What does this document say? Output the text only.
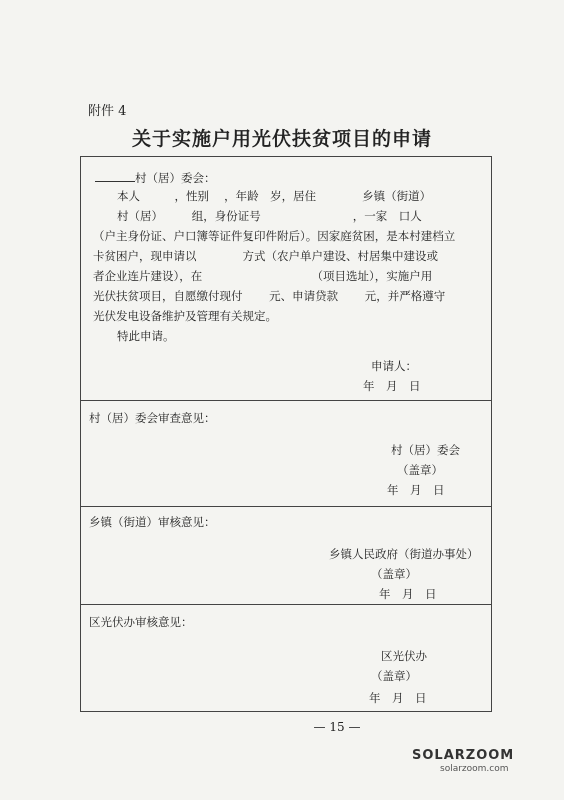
附件 4
关于实施户用光伏扶贫项目的申请
村（居）委会：
本人　　　，性别　 ，年龄　岁，居住　　　　乡镇（街道）
村（居）　　　组，身份证号　　　　　　　　，一家　口人
（户主身份证、户口簿等证件复印件附后）。因家庭贫困，是本村建档立
卡贫困户，现申请以　　　　方式（农户单户建设、村居集中建设或
者企业连片建设），在　　　　　　　　　　（项目选址），实施户用
光伏扶贫项目，自愿缴付现付　　 元、申请贷款　　 元，并严格遵守
光伏发电设备维护及管理有关规定。
特此申请。
申请人：
年　月　日
村（居）委会审查意见：
村（居）委会
（盖章）
年　月　日
乡镇（街道）审核意见：
乡镇人民政府（街道办事处）
（盖章）
年　月　日
区光伏办审核意见：
区光伏办
（盖章）
年　月　日
— 15 —
SOLARZOOM
solarzoom.com
